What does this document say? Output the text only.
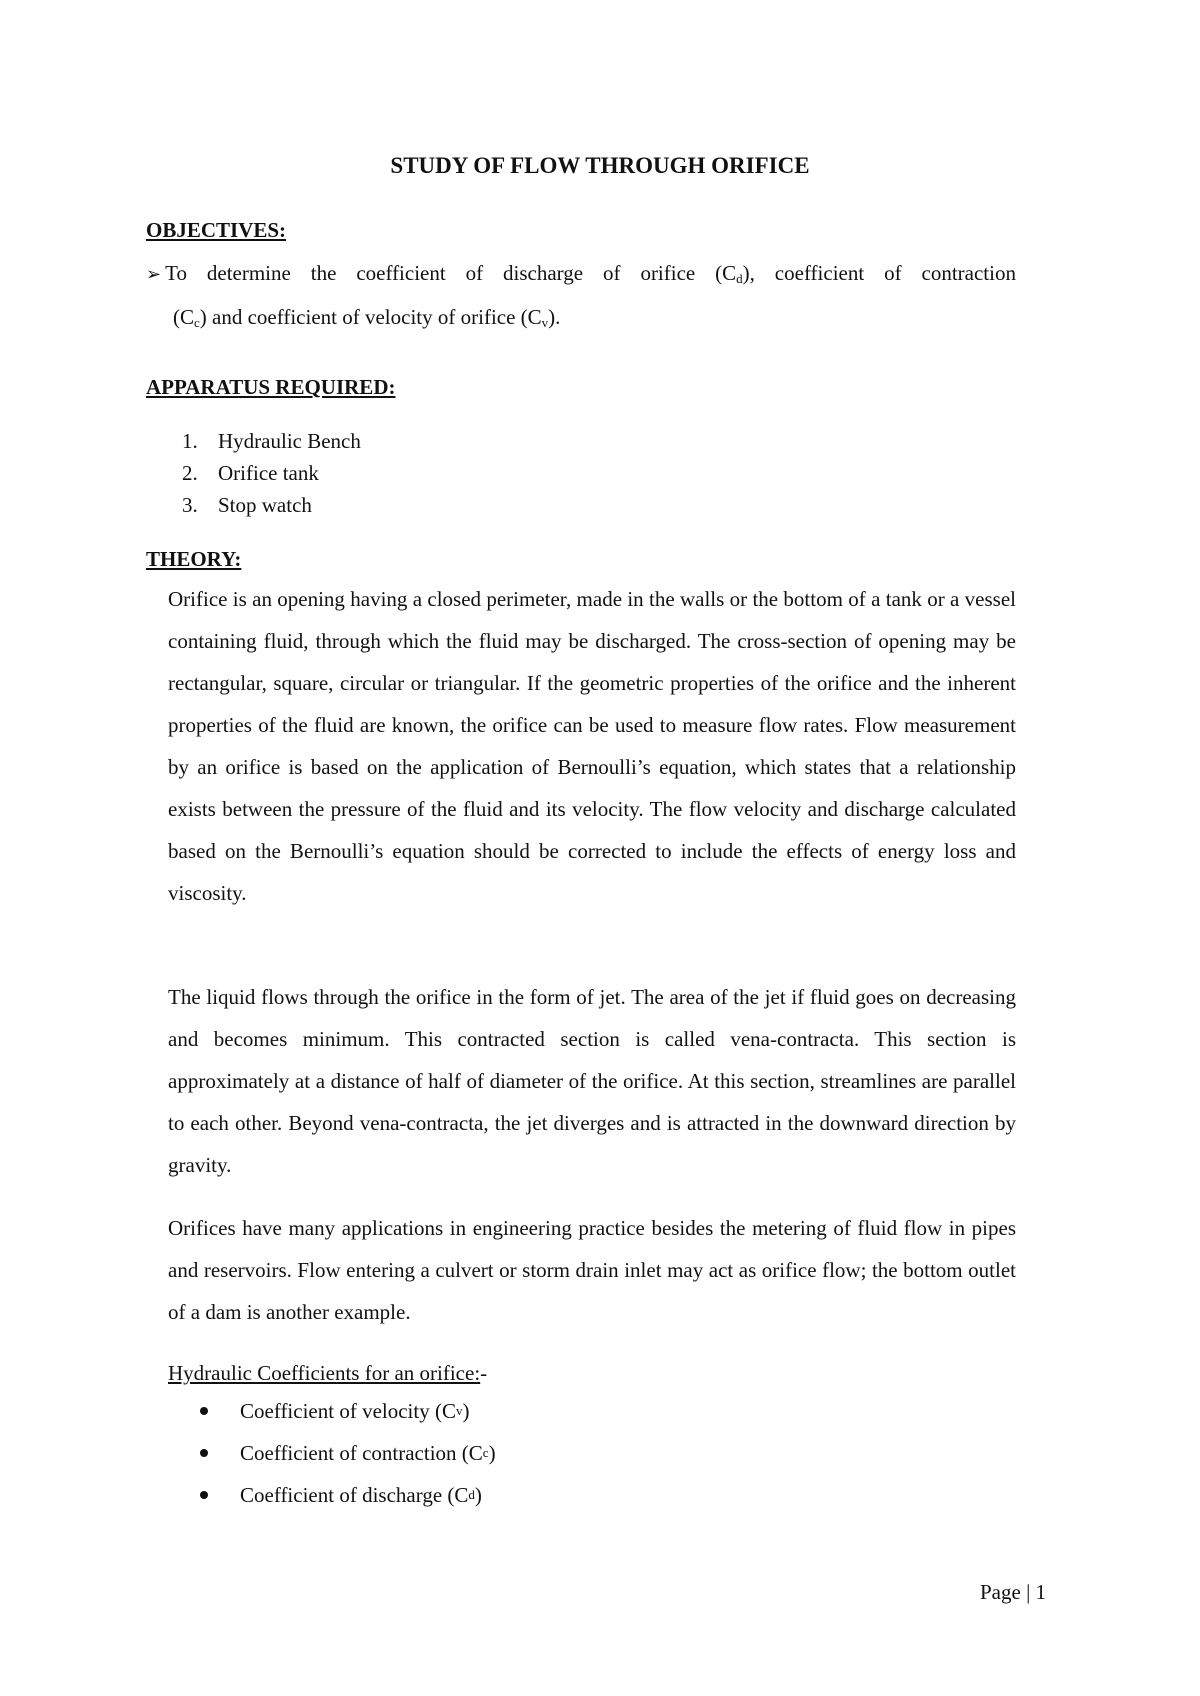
STUDY OF FLOW THROUGH ORIFICE
OBJECTIVES:
➢ To determine the coefficient of discharge of orifice $(C_d)$, coefficient of contraction
$(C_c)$ and coefficient of velocity of orifice $(C_v)$.
APPARATUS REQUIRED:
1. Hydraulic Bench
2. Orifice tank
3. Stop watch
THEORY:

Orifice is an opening having a closed perimeter, made in the walls or the bottom of a tank or a vessel containing fluid, through which the fluid may be discharged. The cross-section of opening may be rectangular, square, circular or triangular. If the geometric properties of the orifice and the inherent properties of the fluid are known, the orifice can be used to measure flow rates. Flow measurement by an orifice is based on the application of Bernoulli’s equation, which states that a relationship exists between the pressure of the fluid and its velocity. The flow velocity and discharge calculated based on the Bernoulli’s equation should be corrected to include the effects of energy loss and viscosity.

The liquid flows through the orifice in the form of jet. The area of the jet if fluid goes on decreasing and becomes minimum. This contracted section is called vena-contracta. This section is approximately at a distance of half of diameter of the orifice. At this section, streamlines are parallel to each other. Beyond vena-contracta, the jet diverges and is attracted in the downward direction by gravity.

Orifices have many applications in engineering practice besides the metering of fluid flow in pipes and reservoirs. Flow entering a culvert or storm drain inlet may act as orifice flow; the bottom outlet of a dam is another example.

Hydraulic Coefficients for an orifice:-
Coefficient of velocity (C v )
Coefficient of contraction (C c )
Coefficient of discharge (C d )
Page | 1
